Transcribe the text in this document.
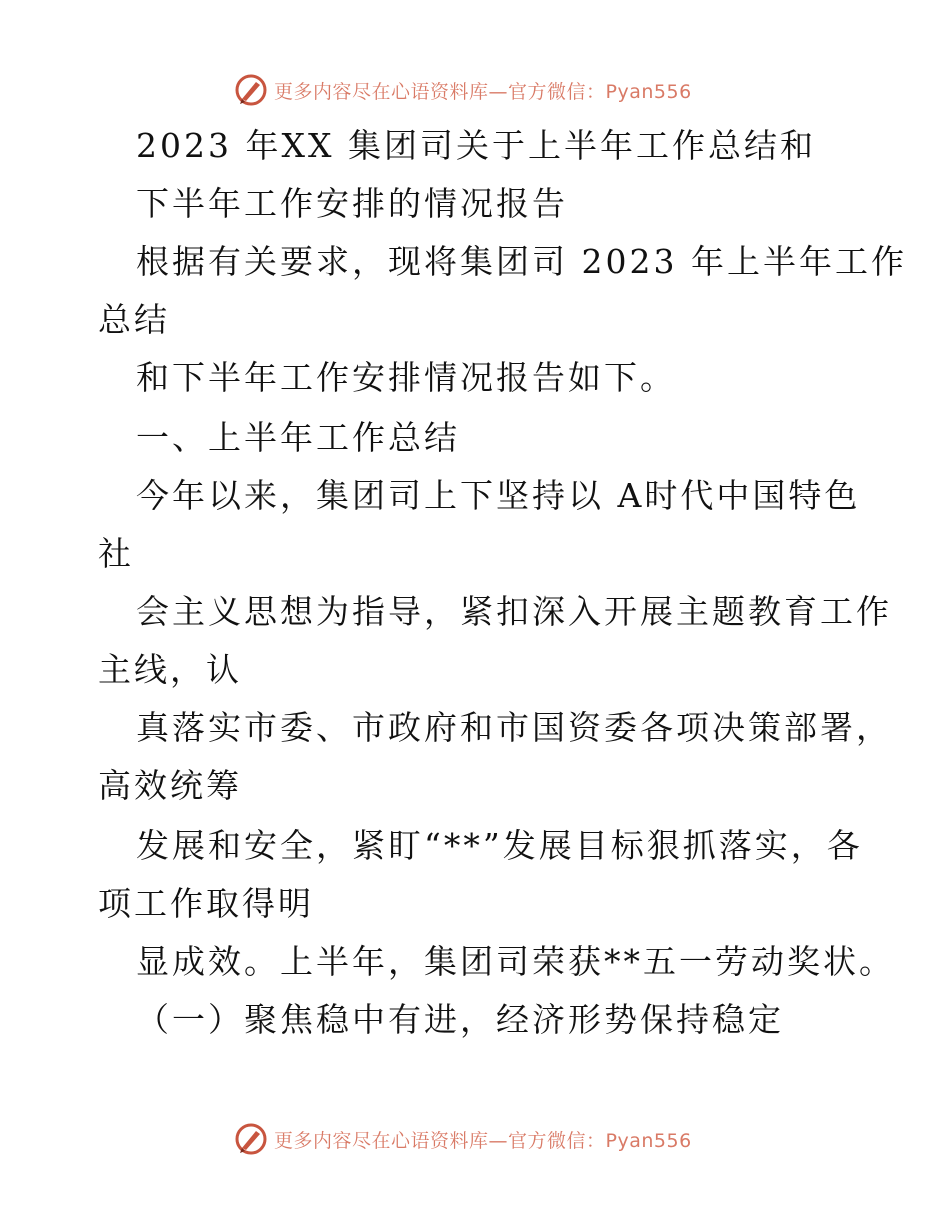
更多内容尽在心语资料库—官方微信：Pyan556
2023 年XX 集团司关于上半年工作总结和
下半年工作安排的情况报告
根据有关要求，现将集团司 2023 年上半年工作
总结
和下半年工作安排情况报告如下。
一、上半年工作总结
今年以来，集团司上下坚持以 A时代中国特色
社
会主义思想为指导，紧扣深入开展主题教育工作
主线，认
真落实市委、市政府和市国资委各项决策部署，
高效统筹
发展和安全，紧盯“**”发展目标狠抓落实，各
项工作取得明
显成效。上半年，集团司荣获**五一劳动奖状。
（一）聚焦稳中有进，经济形势保持稳定
更多内容尽在心语资料库—官方微信：Pyan556
